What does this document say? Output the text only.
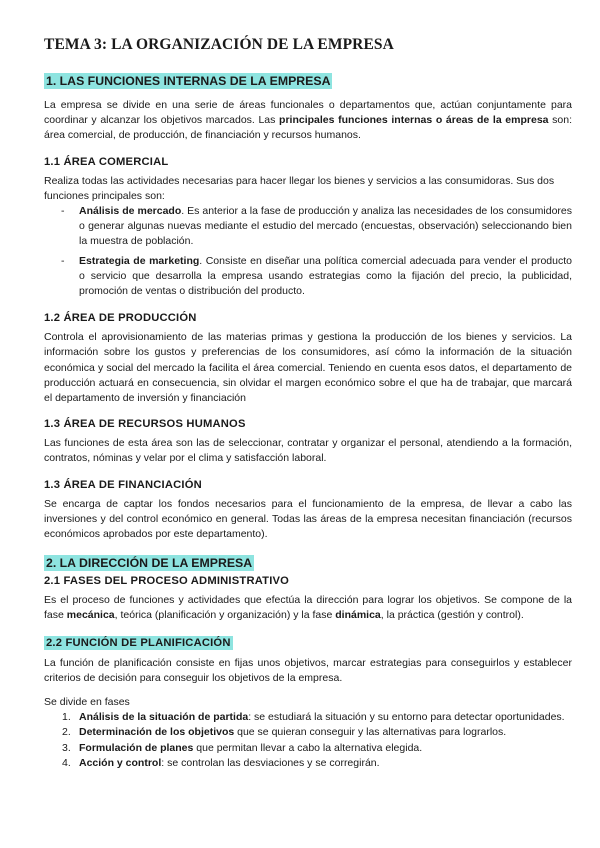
TEMA 3: LA ORGANIZACIÓN DE LA EMPRESA
1. LAS FUNCIONES INTERNAS DE LA EMPRESA

La empresa se divide en una serie de áreas funcionales o departamentos que, actúan conjuntamente para coordinar y alcanzar los objetivos marcados. Las principales funciones internas o áreas de la empresa son: área comercial, de producción, de financiación y recursos humanos.

1.1 ÁREA COMERCIAL

Realiza todas las actividades necesarias para hacer llegar los bienes y servicios a las consumidoras. Sus dos funciones principales son:

- Análisis de mercado. Es anterior a la fase de producción y analiza las necesidades de los consumidores o generar algunas nuevas mediante el estudio del mercado (encuestas, observación) seleccionando bien la muestra de población.
- Estrategia de marketing. Consiste en diseñar una política comercial adecuada para vender el producto o servicio que desarrolla la empresa usando estrategias como la fijación del precio, la publicidad, promoción de ventas o distribución del producto.
1.2 ÁREA DE PRODUCCIÓN

Controla el aprovisionamiento de las materias primas y gestiona la producción de los bienes y servicios. La información sobre los gustos y preferencias de los consumidores, así cómo la información de la situación económica y social del mercado la facilita el área comercial. Teniendo en cuenta esos datos, el departamento de producción actuará en consecuencia, sin olvidar el margen económico sobre el que ha de trabajar, que marcará el departamento de inversión y financiación

1.3 ÁREA DE RECURSOS HUMANOS

Las funciones de esta área son las de seleccionar, contratar y organizar el personal, atendiendo a la formación, contratos, nóminas y velar por el clima y satisfacción laboral.

1.3 ÁREA DE FINANCIACIÓN

Se encarga de captar los fondos necesarios para el funcionamiento de la empresa, de llevar a cabo las inversiones y del control económico en general. Todas las áreas de la empresa necesitan financiación (recursos económicos aprobados por este departamento).

2. LA DIRECCIÓN DE LA EMPRESA
2.1 FASES DEL PROCESO ADMINISTRATIVO

Es el proceso de funciones y actividades que efectúa la dirección para lograr los objetivos. Se compone de la fase mecánica, teórica (planificación y organización) y la fase dinámica, la práctica (gestión y control).

2.2 FUNCIÓN DE PLANIFICACIÓN

La función de planificación consiste en fijas unos objetivos, marcar estrategias para conseguirlos y establecer criterios de decisión para conseguir los objetivos de la empresa.

Se divide en fases

1. Análisis de la situación de partida: se estudiará la situación y su entorno para detectar oportunidades.
2. Determinación de los objetivos que se quieran conseguir y las alternativas para lograrlos.
3. Formulación de planes que permitan llevar a cabo la alternativa elegida.
4. Acción y control: se controlan las desviaciones y se corregirán.
